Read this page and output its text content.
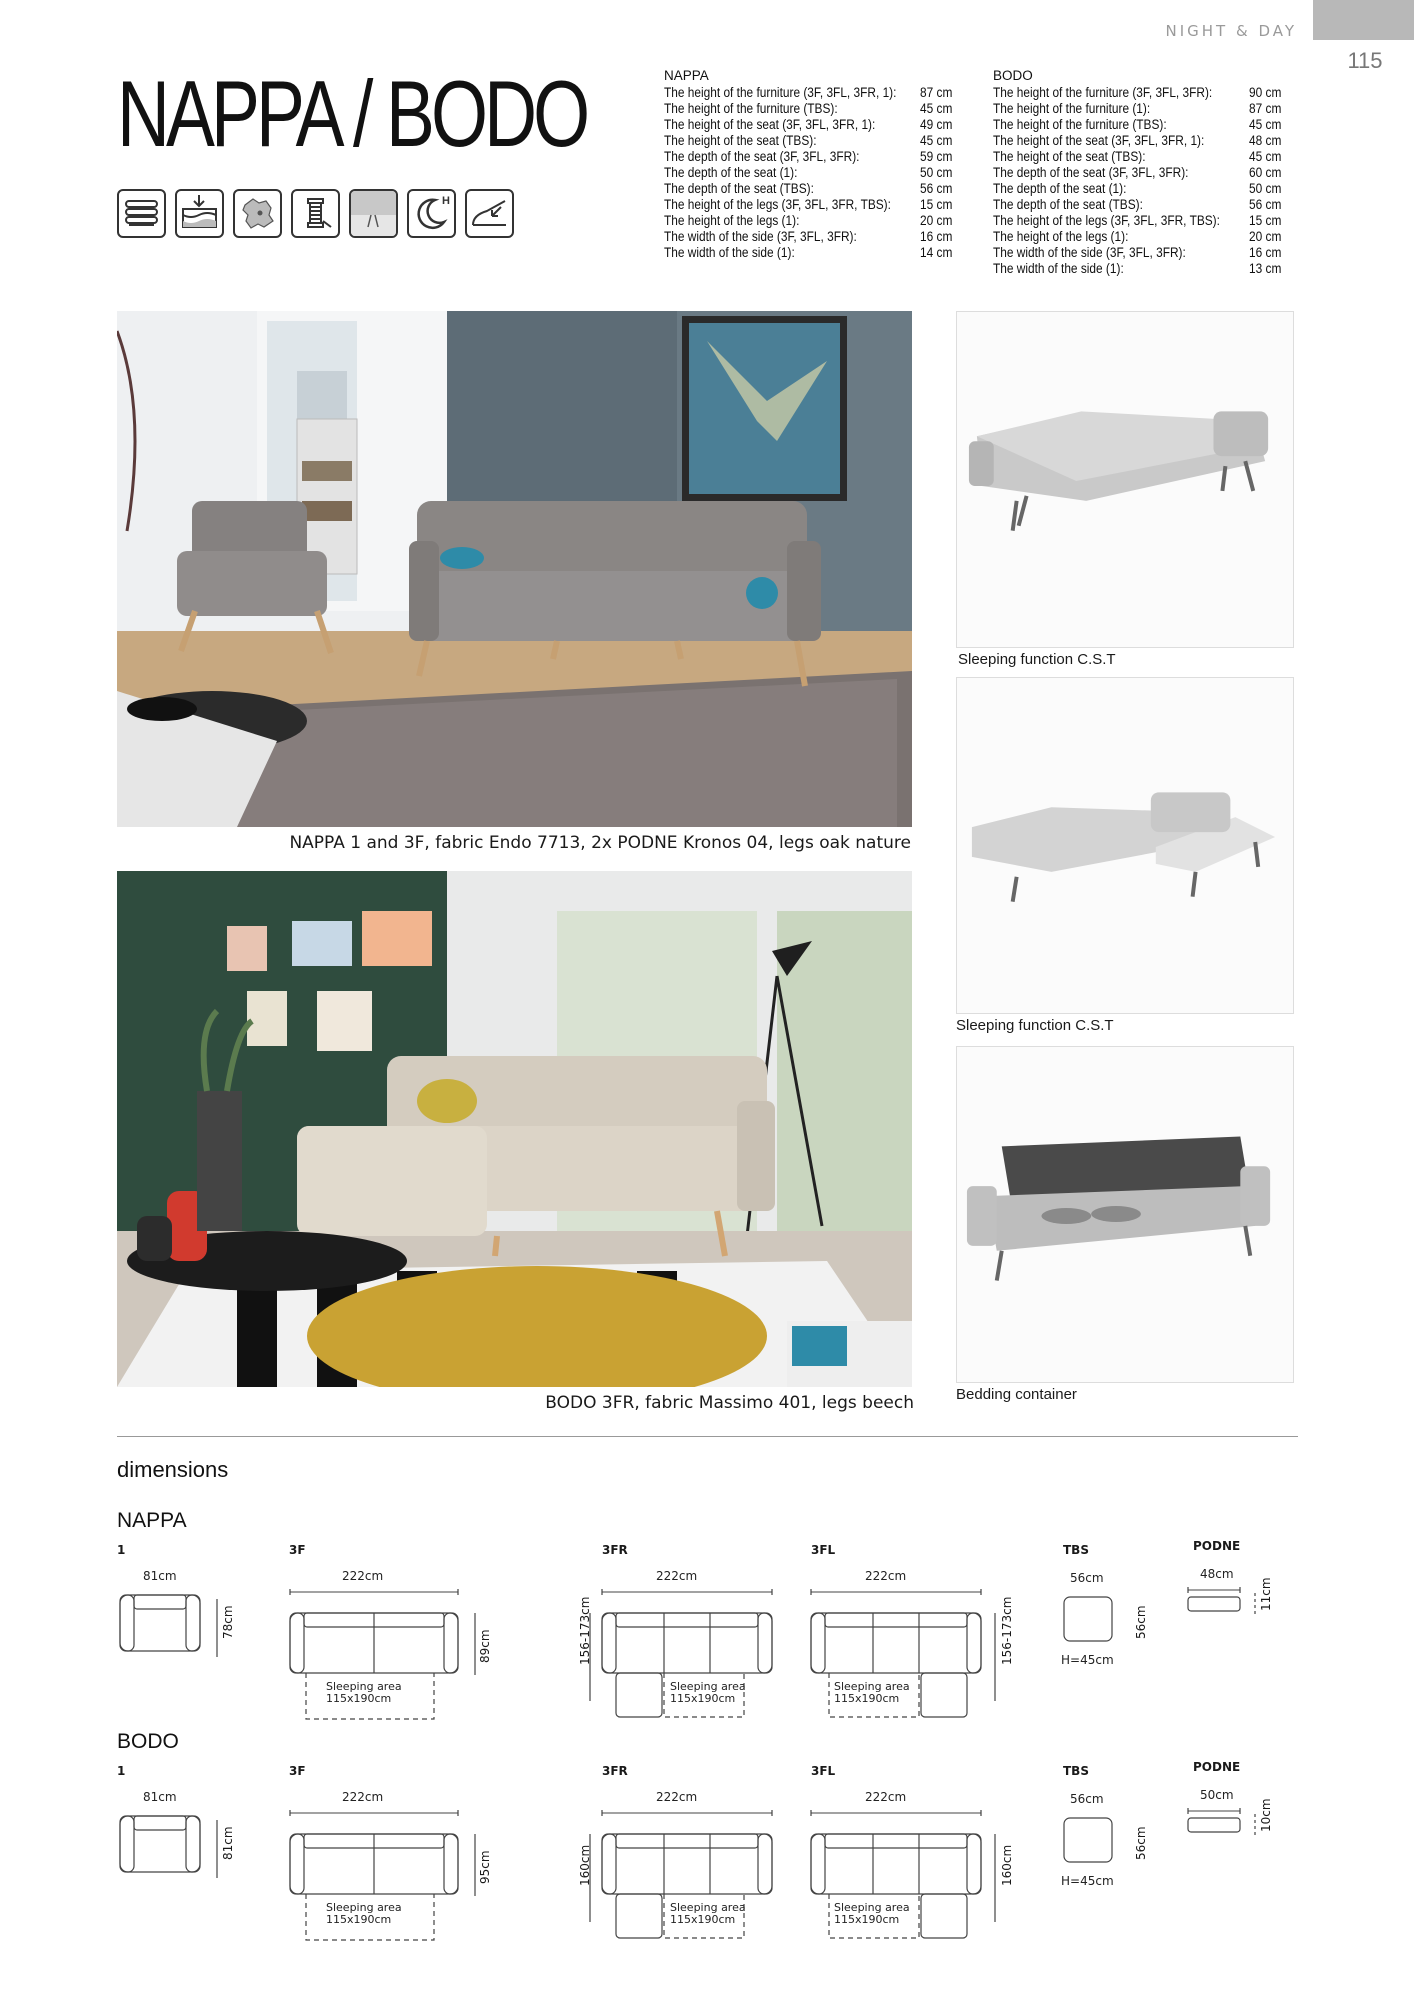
NIGHT & DAY
115
NAPPA / BODO
H
NAPPA
The height of the furniture (3F, 3FL, 3FR, 1): 87 cm
The height of the furniture (TBS):	45 cm
The height of the seat (3F, 3FL, 3FR, 1):	49 cm
The height of the seat (TBS):	45 cm
The depth of the seat (3F, 3FL, 3FR):	59 cm
The depth of the seat (1):	50 cm
The depth of the seat (TBS):	56 cm
The height of the legs (3F, 3FL, 3FR, TBS): 15 cm
The height of the legs (1):	20 cm
The width of the side (3F, 3FL, 3FR):	16 cm
The width of the side (1):	14 cm
BODO
The height of the furniture (3F, 3FL, 3FR):	90 cm
The height of the furniture (1):	87 cm
The height of the furniture (TBS):	45 cm
The height of the seat (3F, 3FL, 3FR, 1):	48 cm
The height of the seat (TBS):	45 cm
The depth of the seat (3F, 3FL, 3FR):	60 cm
The depth of the seat (1):	50 cm
The depth of the seat (TBS):	56 cm
The height of the legs (3F, 3FL, 3FR, TBS): 15 cm
The height of the legs (1):	20 cm
The width of the side (3F, 3FL, 3FR):	16 cm
The width of the side (1):	13 cm
NAPPA 1 and 3F, fabric Endo 7713, 2x PODNE Kronos 04, legs oak nature
BODO 3FR, fabric Massimo 401, legs beech
Sleeping function C.S.T
Sleeping function C.S.T
Bedding container
dimensions
NAPPA
1	3F	3FR	3FL	TBS	PODNE
81cm
78cm
222cm
89cm
Sleeping area
115x190cm
222cm
156-173cm
Sleeping area
115x190cm
222cm
156-173cm
Sleeping area
115x190cm
56cm
56cm
H=45cm
48cm
11cm
BODO
1	3F	3FR	3FL	TBS	PODNE
81cm
81cm
222cm
95cm
Sleeping area
115x190cm
222cm
160cm
Sleeping area
115x190cm
222cm
160cm
Sleeping area
115x190cm
56cm
56cm
H=45cm
50cm
10cm
